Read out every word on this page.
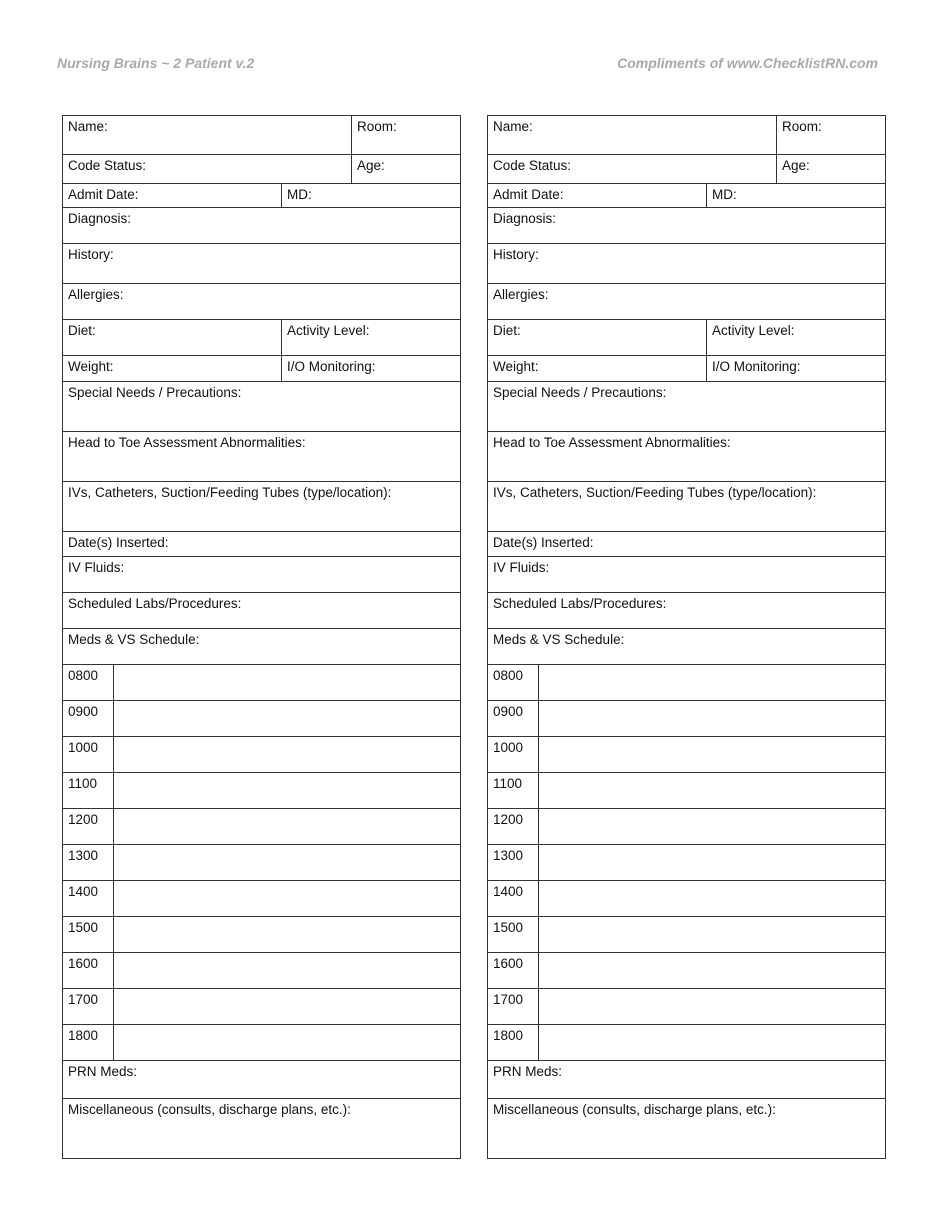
Nursing Brains ~ 2 Patient v.2	Compliments of www.ChecklistRN.com
Name:	Room:
Code Status:	Age:
Admit Date:	MD:
Diagnosis:
History:
Allergies:
Diet:	Activity Level:
Weight:	I/O Monitoring:
Special Needs / Precautions:
Head to Toe Assessment Abnormalities:
IVs, Catheters, Suction/Feeding Tubes (type/location):
Date(s) Inserted:
IV Fluids:
Scheduled Labs/Procedures:
Meds & VS Schedule:
0800
0900
1000
1100
1200
1300
1400
1500
1600
1700
1800
PRN Meds:
Miscellaneous (consults, discharge plans, etc.):
Name:	Room:
Code Status:	Age:
Admit Date:	MD:
Diagnosis:
History:
Allergies:
Diet:	Activity Level:
Weight:	I/O Monitoring:
Special Needs / Precautions:
Head to Toe Assessment Abnormalities:
IVs, Catheters, Suction/Feeding Tubes (type/location):
Date(s) Inserted:
IV Fluids:
Scheduled Labs/Procedures:
Meds & VS Schedule:
0800
0900
1000
1100
1200
1300
1400
1500
1600
1700
1800
PRN Meds:
Miscellaneous (consults, discharge plans, etc.):
